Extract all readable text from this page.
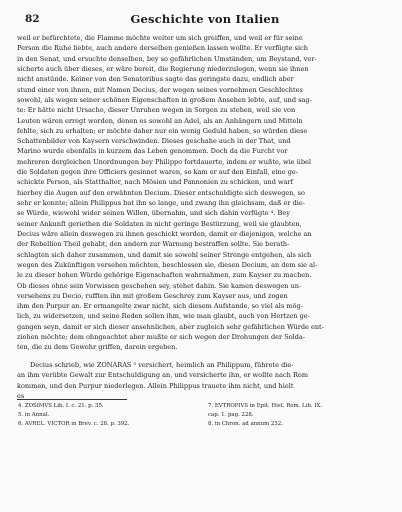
82	Geschichte von Italien
weil er befürchtete, die Flamme möchte weiter um sich greiffen, und weil er für seine
Person die Ruhe liebte, auch andere derselben genießen lassen wollte. Er verfügte sich
in den Senat, und ersuchte denselben, bey so gefährlichen Umständen, um Beystand, ver-
sicherte auch über dieses, er wäre bereit, die Regierung niederzulegen, wenn sie ihnen
nicht anstünde. Keiner von den Senatoribus sagte das geringste dazu, endlich aber
stund einer von ihnen, mit Namen Decius, der wegen seines vornehmen Geschlechtes
sowohl, als wegen seiner schönen Eigenschaften in großem Ansehen lebte, auf, und sag-
te: Er hätte nicht Ursache, dieser Unruhen wegen in Sorgen zu stehen, weil sie von
Leuten wären erregt worden, denen es sowohl an Adel, als an Anhängern und Mitteln
fehlte, sich zu erhalten; er möchte daher nur ein wenig Geduld haben, so würden diese
Schattenbilder von Kaysern verschwinden. Dieses geschahe auch in der That, und
Marino wurde ebenfalls in kurzem das Leben genommen. Doch da die Furcht vor
mehreren dergleichen Unordnungen bey Philippo fortdauerte, indem er wußte, wie übel
die Soldaten gegen ihre Officiers gesinnet waren, so kam er auf den Einfall, eine ge-
schickte Person, als Statthalter, nach Mösien und Pannonien zu schicken, und warf
hierbey die Augen auf den erwähnten Decium. Dieser entschuldigte sich deswegen, so
sehr er konnte; allein Philippus bat ihn so lange, und zwang ihn gleichsam, daß er die-
se Würde, wiewohl wider seinen Willen, übernahm, und sich dahin verfügte ⁴. Bey
seiner Ankunft geriethen die Soldaten in nicht geringe Bestürzung, weil sie glaubten,
Decius wäre allein deswegen zu ihnen geschickt worden, damit er diejenigen, welche an
der Rebellion Theil gehabt, den andern zur Warnung bestraffen sollte. Sie berath-
schlagten sich daher zusammen, und damit sie sowohl seiner Strenge entgehen, als sich
wegen des Zukünftigen versehen möchten, beschlossen sie, diesen Decium, an dem sie al-
le zu dieser hohen Würde gehörige Eigenschaften wahrnahmen, zum Kayser zu machen.
Ob dieses ohne sein Vorwissen geschehen sey, stehet dahin. Sie kamen deswegen un-
versehens zu Decio, rufften ihn mit großem Geschrey zum Kayser aus, und zogen
ihm den Purpur an. Er ermangelte zwar nicht, sich diesem Aufstande, so viel als mög-
lich, zu widersetzen, und seine Reden sollen ihm, wie man glaubt, auch von Hertzen ge-
gangen seyn, damit er sich dieser ansehnlichen, aber zugleich sehr gefährlichen Würde ent-
ziehen möchte; dem ohngeachtet aber mußte er sich wegen der Drohungen der Solda-
ten, die zu dem Gewehr griffen, darein ergeben.
Decius schrieb, wie ZONARAS ⁵ versichert, heimlich an Philippum, führete die-
an ihm verübte Gewalt zur Entschuldigung an, und versicherte ihn, er wollte nach Rom
kommen, und den Purpur niederlegen. Allein Philippus trauete ihm nicht, und hielt
es
4. ZOSIMVS Lib. I. c. 21. p. 35.
5. in Annal.
6. AVREL. VICTOR in Brev. c. 28. p. 392.
7. EVTROPIVS in Epit. Hist. Rom. Lib. IX.
cap. 1. pag. 228.
8. in Chron. ad annum 252.
